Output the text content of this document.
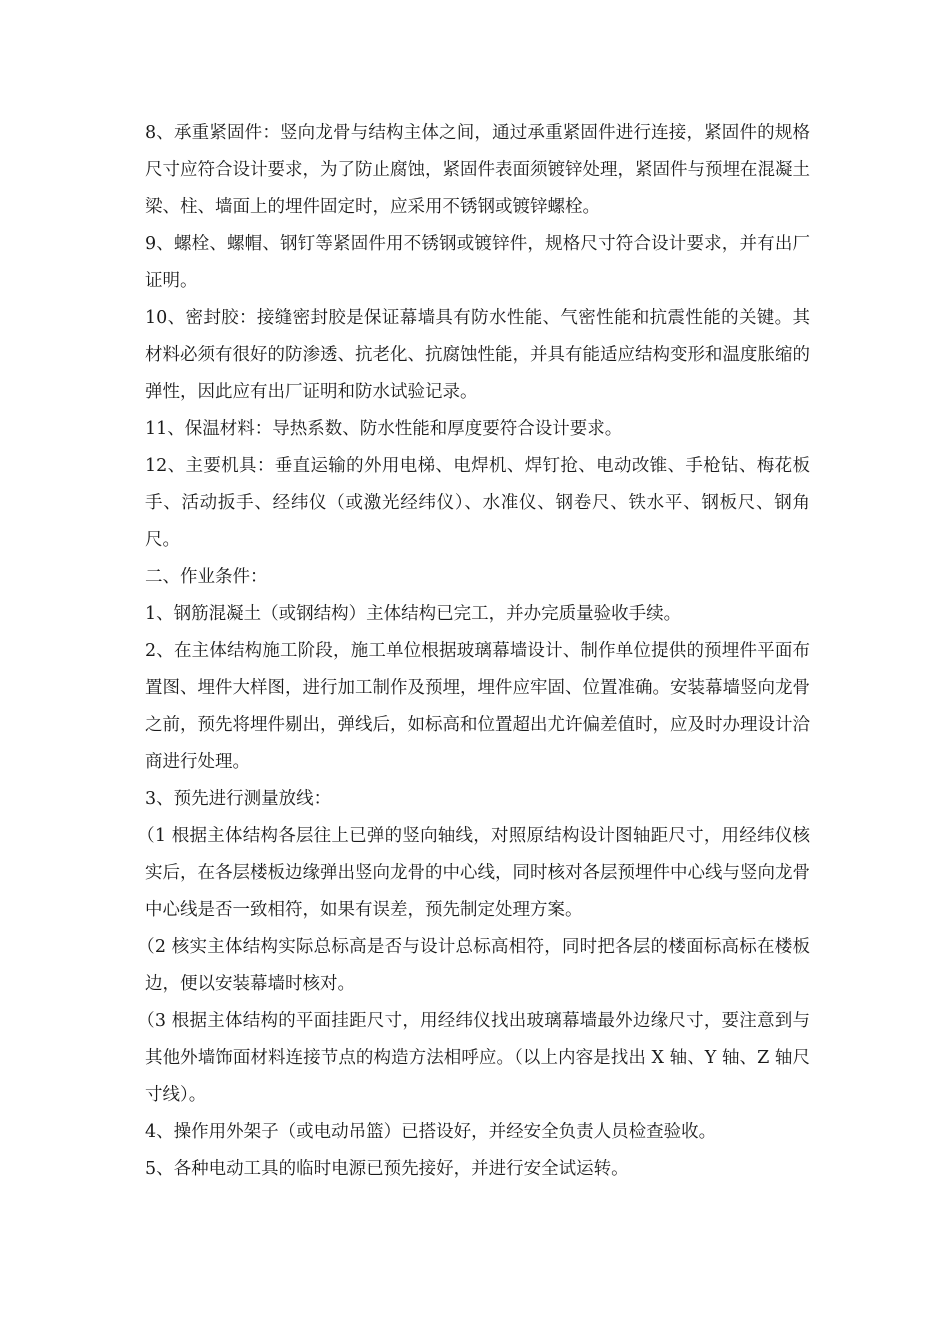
8、承重紧固件：竖向龙骨与结构主体之间，通过承重紧固件进行连接，紧固件的规格尺寸应符合设计要求，为了防止腐蚀，紧固件表面须镀锌处理，紧固件与预埋在混凝土梁、柱、墙面上的埋件固定时，应采用不锈钢或镀锌螺栓。

9、螺栓、螺帽、钢钉等紧固件用不锈钢或镀锌件，规格尺寸符合设计要求，并有出厂证明。

10、密封胶：接缝密封胶是保证幕墙具有防水性能、气密性能和抗震性能的关键。其材料必须有很好的防渗透、抗老化、抗腐蚀性能，并具有能适应结构变形和温度胀缩的弹性，因此应有出厂证明和防水试验记录。

11、保温材料：导热系数、防水性能和厚度要符合设计要求。

12、主要机具：垂直运输的外用电梯、电焊机、焊钉抢、电动改锥、手枪钻、梅花板手、活动扳手、经纬仪（或激光经纬仪）、水准仪、钢卷尺、铁水平、钢板尺、钢角尺。

二、作业条件：

1、钢筋混凝土（或钢结构）主体结构已完工，并办完质量验收手续。

2、在主体结构施工阶段，施工单位根据玻璃幕墙设计、制作单位提供的预埋件平面布置图、埋件大样图，进行加工制作及预埋，埋件应牢固、位置准确。安装幕墙竖向龙骨之前，预先将埋件剔出，弹线后，如标高和位置超出尤许偏差值时，应及时办理设计洽商进行处理。

3、预先进行测量放线：

（1 根据主体结构各层往上已弹的竖向轴线，对照原结构设计图轴距尺寸，用经纬仪核实后，在各层楼板边缘弹出竖向龙骨的中心线，同时核对各层预埋件中心线与竖向龙骨中心线是否一致相符，如果有误差，预先制定处理方案。

（2 核实主体结构实际总标高是否与设计总标高相符，同时把各层的楼面标高标在楼板边，便以安装幕墙时核对。

（3 根据主体结构的平面挂距尺寸，用经纬仪找出玻璃幕墙最外边缘尺寸，要注意到与其他外墙饰面材料连接节点的构造方法相呼应。（以上内容是找出 X 轴、Y 轴、Z 轴尺寸线）。

4、操作用外架子（或电动吊篮）已搭设好，并经安全负责人员检查验收。

5、各种电动工具的临时电源已预先接好，并进行安全试运转。
